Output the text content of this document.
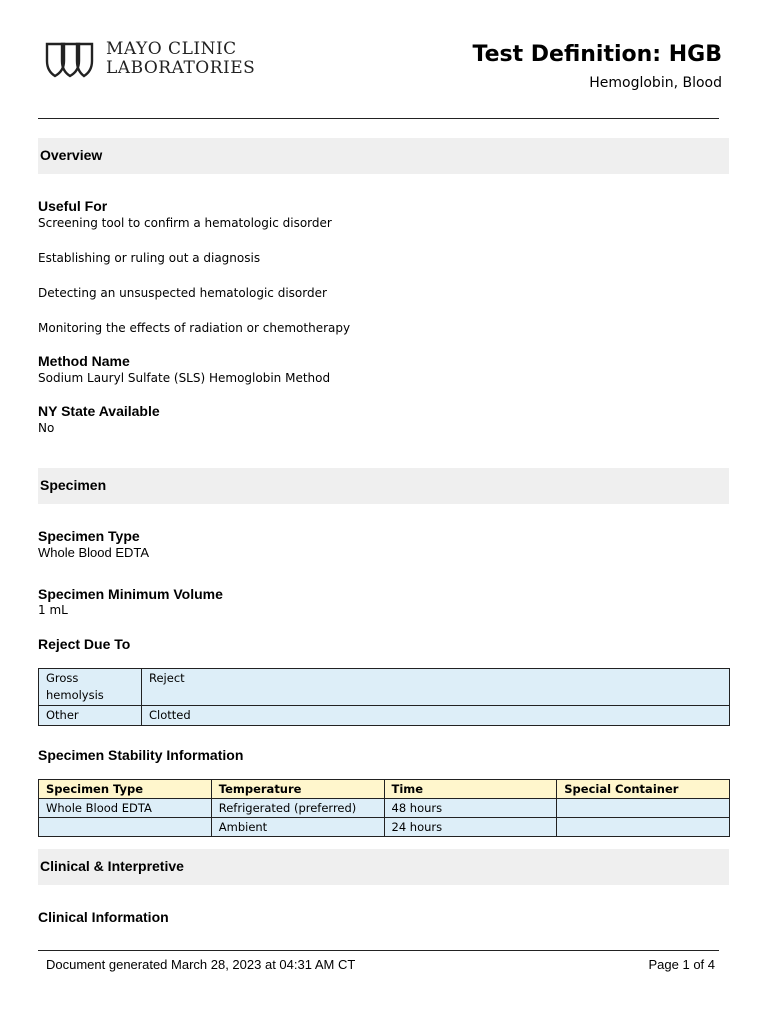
MAYO CLINIC
LABORATORIES
Test Definition: HGB
Hemoglobin, Blood
Overview
Useful For
Screening tool to confirm a hematologic disorder
Establishing or ruling out a diagnosis
Detecting an unsuspected hematologic disorder
Monitoring the effects of radiation or chemotherapy
Method Name
Sodium Lauryl Sulfate (SLS) Hemoglobin Method
NY State Available
No
Specimen
Specimen Type
Whole Blood EDTA
Specimen Minimum Volume
1 mL
Reject Due To
Gross hemolysis	Reject
Other	Clotted
Specimen Stability Information
Specimen Type	Temperature	Time	Special Container
Whole Blood EDTA	Refrigerated (preferred)	48 hours	
	Ambient	24 hours	
Clinical & Interpretive
Clinical Information
Document generated March 28, 2023 at 04:31 AM CT	Page 1 of 4
